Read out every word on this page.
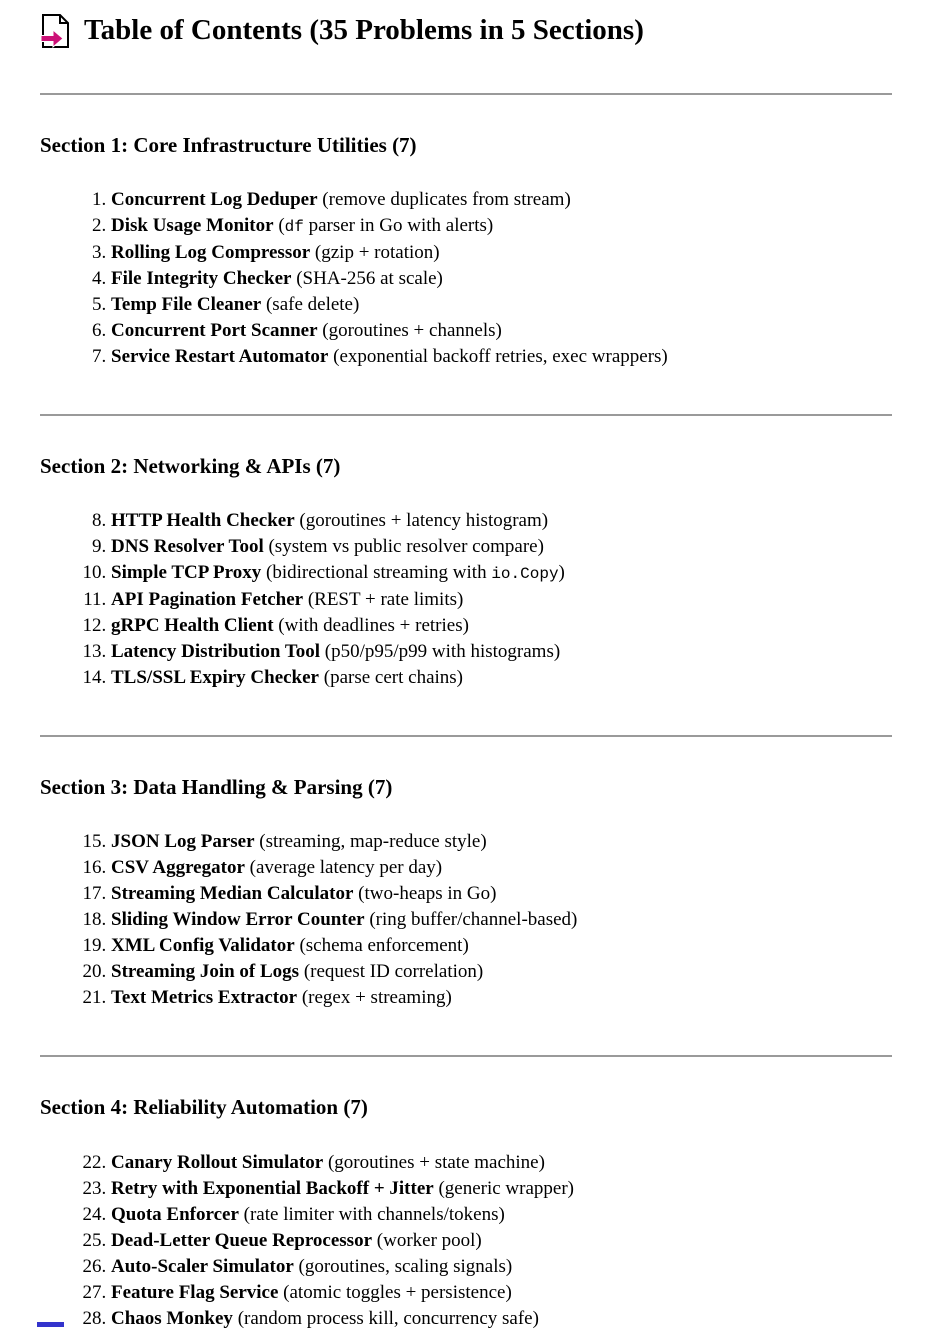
Table of Contents (35 Problems in 5 Sections)
Section 1: Core Infrastructure Utilities (7)
1. Concurrent Log Deduper (remove duplicates from stream)
2. Disk Usage Monitor (df parser in Go with alerts)
3. Rolling Log Compressor (gzip + rotation)
4. File Integrity Checker (SHA-256 at scale)
5. Temp File Cleaner (safe delete)
6. Concurrent Port Scanner (goroutines + channels)
7. Service Restart Automator (exponential backoff retries, exec wrappers)
Section 2: Networking & APIs (7)
8. HTTP Health Checker (goroutines + latency histogram)
9. DNS Resolver Tool (system vs public resolver compare)
10. Simple TCP Proxy (bidirectional streaming with io.Copy)
11. API Pagination Fetcher (REST + rate limits)
12. gRPC Health Client (with deadlines + retries)
13. Latency Distribution Tool (p50/p95/p99 with histograms)
14. TLS/SSL Expiry Checker (parse cert chains)
Section 3: Data Handling & Parsing (7)
15. JSON Log Parser (streaming, map-reduce style)
16. CSV Aggregator (average latency per day)
17. Streaming Median Calculator (two-heaps in Go)
18. Sliding Window Error Counter (ring buffer/channel-based)
19. XML Config Validator (schema enforcement)
20. Streaming Join of Logs (request ID correlation)
21. Text Metrics Extractor (regex + streaming)
Section 4: Reliability Automation (7)
22. Canary Rollout Simulator (goroutines + state machine)
23. Retry with Exponential Backoff + Jitter (generic wrapper)
24. Quota Enforcer (rate limiter with channels/tokens)
25. Dead-Letter Queue Reprocessor (worker pool)
26. Auto-Scaler Simulator (goroutines, scaling signals)
27. Feature Flag Service (atomic toggles + persistence)
28. Chaos Monkey (random process kill, concurrency safe)
